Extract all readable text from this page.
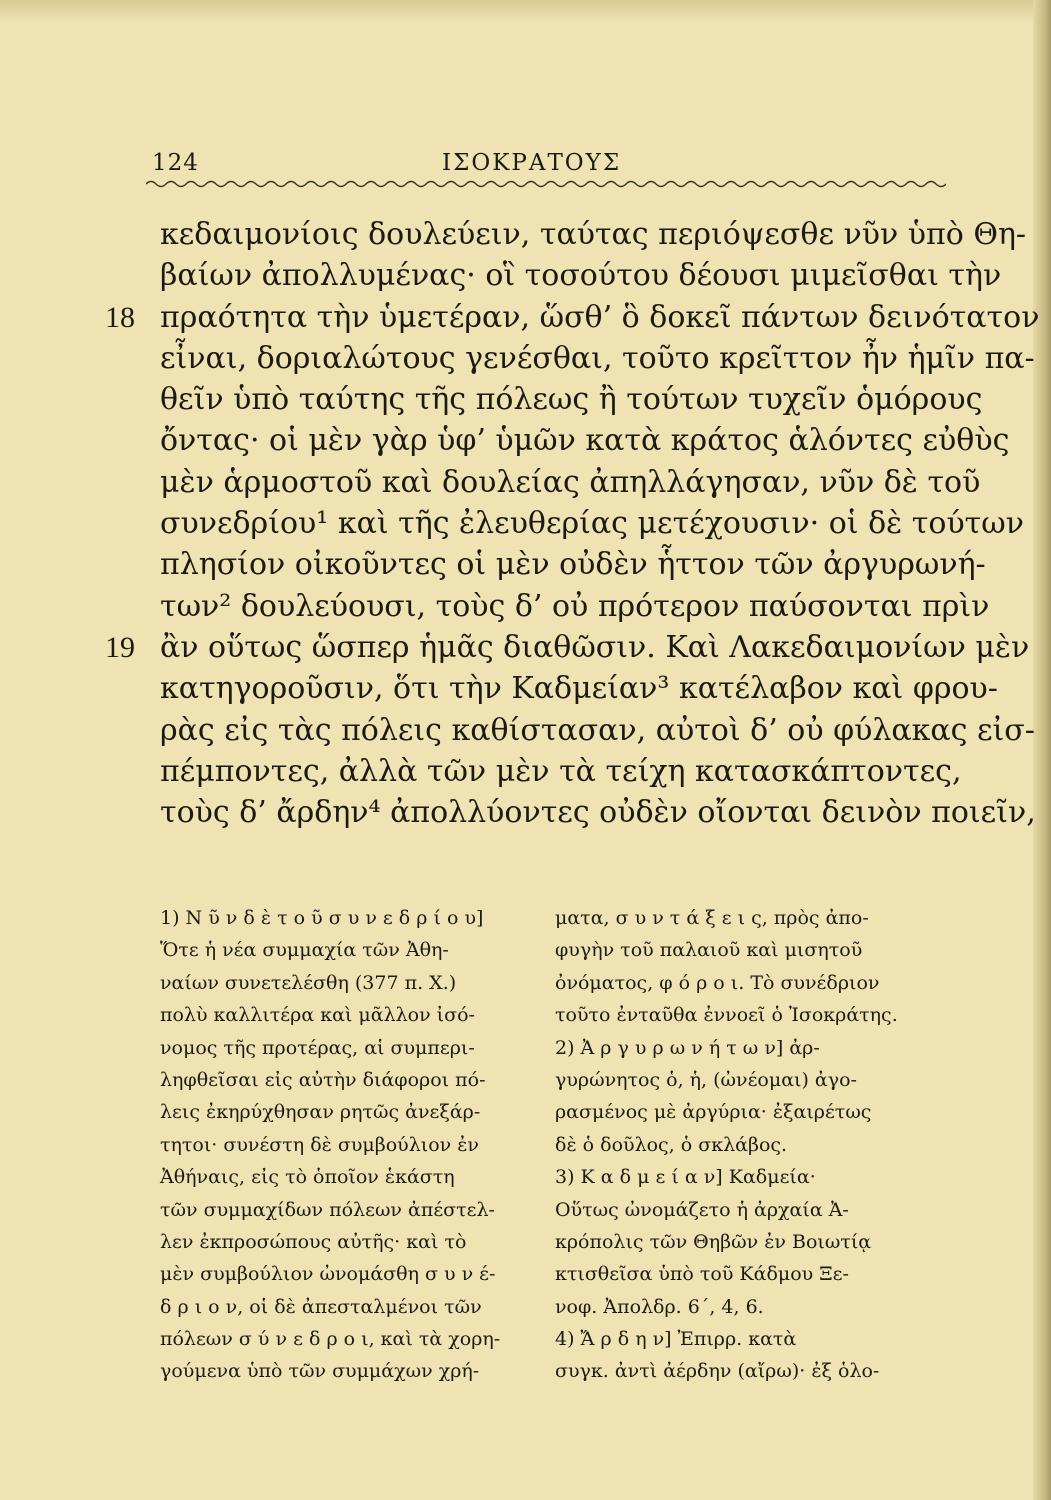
124	ΙΣΟΚΡΑΤΟΥΣ
κεδαιμονίοις δουλεύειν, ταύτας περιόψεσθε νῦν ὑπὸ Θη-
βαίων ἀπολλυμένας· οἳ τοσούτου δέουσι μιμεῖσθαι τὴν
18 πραότητα τὴν ὑμετέραν, ὥσθ’ ὃ δοκεῖ πάντων δεινότατον
εἶναι, δοριαλώτους γενέσθαι, τοῦτο κρεῖττον ἦν ἡμῖν πα-
θεῖν ὑπὸ ταύτης τῆς πόλεως ἢ τούτων τυχεῖν ὁμόρους
ὄντας· οἱ μὲν γὰρ ὑφ’ ὑμῶν κατὰ κράτος ἁλόντες εὐθὺς
μὲν ἁρμοστοῦ καὶ δουλείας ἀπηλλάγησαν, νῦν δὲ τοῦ
συνεδρίου¹ καὶ τῆς ἐλευθερίας μετέχουσιν· οἱ δὲ τούτων
πλησίον οἰκοῦντες οἱ μὲν οὐδὲν ἧττον τῶν ἀργυρωνή-
των² δουλεύουσι, τοὺς δ’ οὐ πρότερον παύσονται πρὶν
19 ἂν οὕτως ὥσπερ ἡμᾶς διαθῶσιν. Καὶ Λακεδαιμονίων μὲν
κατηγοροῦσιν, ὅτι τὴν Καδμείαν³ κατέλαβον καὶ φρου-
ρὰς εἰς τὰς πόλεις καθίστασαν, αὐτοὶ δ’ οὐ φύλακας εἰσ-
πέμποντες, ἀλλὰ τῶν μὲν τὰ τείχη κατασκάπτοντες,
τοὺς δ’ ἄρδην⁴ ἀπολλύοντες οὐδὲν οἴονται δεινὸν ποιεῖν,
1) Ν ῦ ν δ ὲ τ ο ῦ σ υ ν ε δ ρ ί ο υ]
Ὅτε ἡ νέα συμμαχία τῶν Ἀθη-
ναίων συνετελέσθη (377 π. Χ.)
πολὺ καλλιτέρα καὶ μᾶλλον ἰσό-
νομος τῆς προτέρας, αἱ συμπερι-
ληφθεῖσαι εἰς αὐτὴν διάφοροι πό-
λεις ἐκηρύχθησαν ρητῶς ἀνεξάρ-
τητοι· συνέστη δὲ συμβούλιον ἐν
Ἀθήναις, εἰς τὸ ὁποῖον ἑκάστη
τῶν συμμαχίδων πόλεων ἀπέστελ-
λεν ἐκπροσώπους αὐτῆς· καὶ τὸ
μὲν συμβούλιον ὠνομάσθη σ υ ν έ-
δ ρ ι ο ν, οἱ δὲ ἀπεσταλμένοι τῶν
πόλεων σ ύ ν ε δ ρ ο ι, καὶ τὰ χορη-
γούμενα ὑπὸ τῶν συμμάχων χρή-
ματα, σ υ ν τ ά ξ ε ι ς, πρὸς ἀπο-
φυγὴν τοῦ παλαιοῦ καὶ μισητοῦ
ὀνόματος, φ ό ρ ο ι. Τὸ συνέδριον
τοῦτο ἐνταῦθα ἐννοεῖ ὁ Ἰσοκράτης.
2) Ἀ ρ γ υ ρ ω ν ή τ ω ν] ἀρ-
γυρώνητος ὁ, ἡ, (ὠνέομαι) ἀγο-
ρασμένος μὲ ἀργύρια· ἐξαιρέτως
δὲ ὁ δοῦλος, ὁ σκλάβος.
3) Κ α δ μ ε ί α ν] Καδμεία·
Οὕτως ὠνομάζετο ἡ ἀρχαία Ἀ-
κρόπολις τῶν Θηβῶν ἐν Βοιωτίᾳ
κτισθεῖσα ὑπὸ τοῦ Κάδμου Ξε-
νοφ. Ἀπολδρ. 6΄, 4, 6.
4) Ἄ ρ δ η ν] Ἐπιρρ. κατὰ
συγκ. ἀντὶ ἀέρδην (αἴρω)· ἐξ ὁλο-
